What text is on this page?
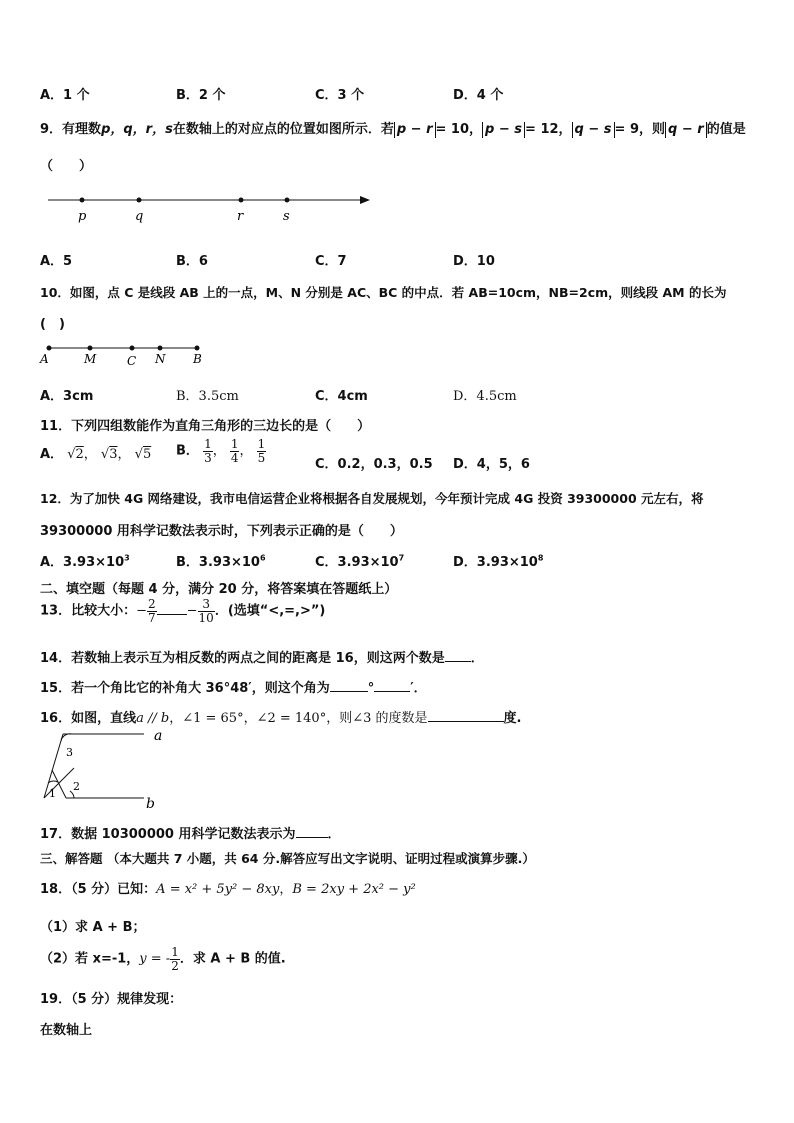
A．1 个	B．2 个	C．3 个	D．4 个
9．有理数p，q，r，s在数轴上的对应点的位置如图所示．若 p − r = 10， p − s = 12， q − s = 9，则 q − r 的值是
（　　）
p	q	r	s
A．5	B．6	C．7	D．10
10．如图，点 C 是线段 AB 上的一点，M、N 分别是 AC、BC 的中点．若 AB=10cm，NB=2cm，则线段 AM 的长为
(　)
A	M	C N B
A．3cm	B．3.5cm	C．4cm	D．4.5cm
11．下列四组数能作为直角三角形的三边长的是（　　）
A． √2， √3， √5 B． $\frac{1}{3}$ ， $\frac{1}{4}$ ， $\frac{1}{5}$
C．0.2，0.3，0.5 D．4，5，6
12．为了加快 4G 网络建设，我市电信运营企业将根据各自发展规划，今年预计完成 4G 投资 39300000 元左右，将
39300000 用科学记数法表示时，下列表示正确的是（　　）
A．$3.93\times 10^3$	B．$3.93\times 10^6$	C．$3.93\times 10^7$	D．$3.93\times 10^8$
二、填空题（每题 4 分，满分 20 分，将答案填在答题纸上）
13．比较大小：− $\frac{2}{7} - \frac{3}{10}$ ．(选填“<,=,>”)
14．若数轴上表示互为相反数的两点之间的距离是 16，则这两个数是 ．
15．若一个角比它的补角大 36°48′，则这个角为	°	′．
16．如图，直线a // b，∠1 = 65°，∠2 = 140°，则∠3 的度数是	度.
a
b
3
2
1
17．数据 10300000 用科学记数法表示为 ．
三、解答题 （本大题共 7 小题，共 64 分.解答应写出文字说明、证明过程或演算步骤.）
18．（5 分）已知：A = x² + 5y² − 8xy，B = 2xy + 2x² − y²
（1）求 A + B；
（2）若 x=-1，y = - $\frac{1}{2}$ ．求 A + B 的值.
19．（5 分）规律发现：
在数轴上
